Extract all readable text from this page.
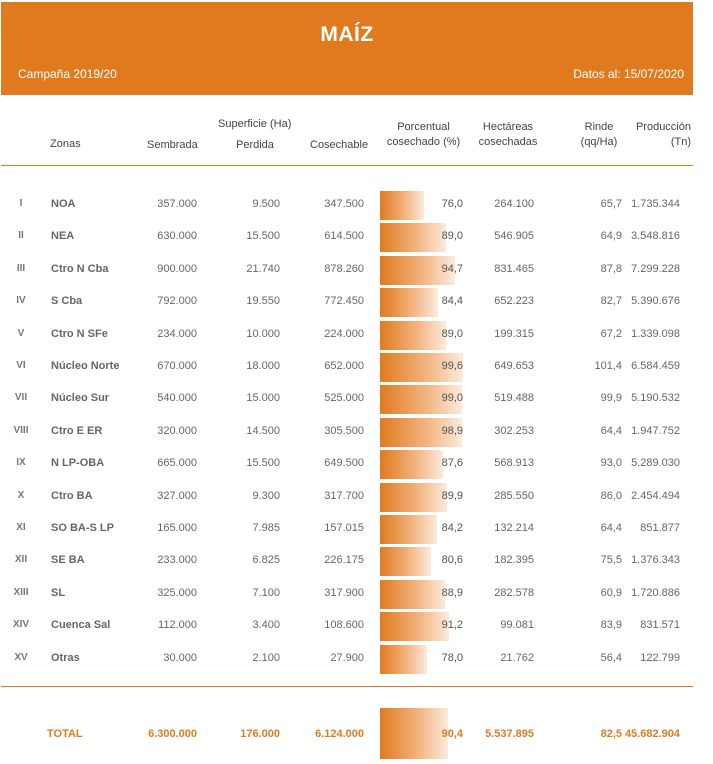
MAÍZ
Campaña 2019/20	Datos al: 15/07/2020
Zonas
Superficie (Ha)
Sembrada	Perdida	Cosechable
Porcentual
cosechado (%)
Hectáreas
cosechadas
Rinde
(qq/Ha)
Producción
(Tn)
I	NOA	357.000	9.500	347.500	76,0	264.100	65,7 1.735.344
II	NEA	630.000	15.500	614.500	89,0	546.905	64,9 3.548.816
III	Ctro N Cba	900.000	21.740	878.260	94,7	831.465	87,8 7.299.228
IV	S Cba	792.000	19.550	772.450	84,4	652.223	82,7 5.390.676
V	Ctro N SFe	234.000	10.000	224.000	89,0	199.315	67,2 1.339.098
VI	Núcleo Norte	670.000	18.000	652.000	99,6	649.653	101,4 6.584.459
VII	Núcleo Sur	540.000	15.000	525.000	99,0	519.488	99,9 5.190.532
VIII	Ctro E ER	320.000	14.500	305.500	98,9	302.253	64,4 1.947.752
IX	N LP-OBA	665.000	15.500	649.500	87,6	568.913	93,0 5.289.030
X	Ctro BA	327.000	9.300	317.700	89,9	285.550	86,0 2.454.494
XI	SO BA-S LP	165.000	7.985	157.015	84,2	132.214	64,4 851.877
XII	SE BA	233.000	6.825	226.175	80,6	182.395	75,5 1.376.343
XIII	SL	325.000	7.100	317.900	88,9	282.578	60,9 1.720.886
XIV Cuenca Sal	112.000	3.400	108.600	91,2	99.081	83,9 831.571
XV	Otras	30.000	2.100	27.900	78,0	21.762	56,4 122.799
TOTAL	6.300.000	176.000	6.124.000	90,4 5.537.895	82,5 45.682.904
